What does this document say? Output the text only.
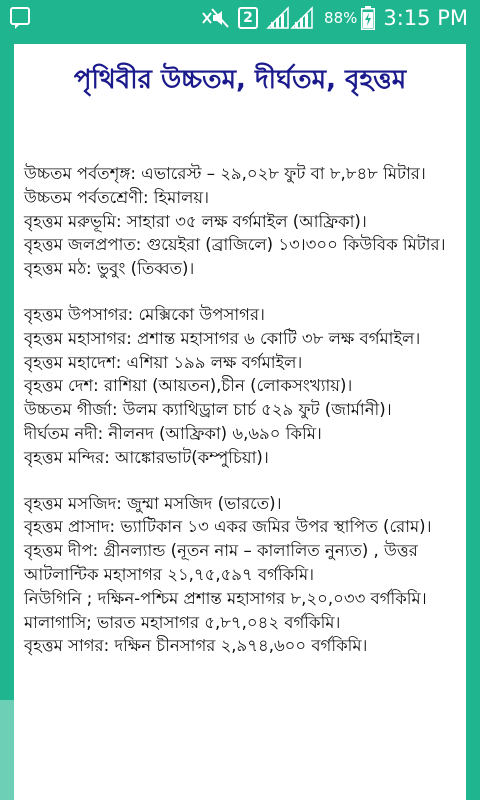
2	88% 3:15 PM
পৃথিবীর উচ্চতম, দীর্ঘতম, বৃহত্তম

উচ্চতম পর্বতশৃঙ্গ: এভারেস্ট – ২৯,০২৮ ফুট বা ৮,৮৪৮ মিটার।

উচ্চতম পর্বতশ্রেণী: হিমালয়।

বৃহত্তম মরুভূমি: সাহারা ৩৫ লক্ষ বর্গমাইল (আফ্রিকা)।

বৃহত্তম জলপ্রপাত: গুয়েইরা (ব্রাজিলে) ১৩।৩০০ কিউবিক মিটার।

বৃহত্তম মঠ: ভুবুং (তিব্বত)।

বৃহত্তম উপসাগর: মেক্সিকো উপসাগর।

বৃহত্তম মহাসাগর: প্রশান্ত মহাসাগর ৬ কোটি ৩৮ লক্ষ বর্গমাইল।

বৃহত্তম মহাদেশ: এশিয়া ১৯৯ লক্ষ বর্গমাইল।

বৃহত্তম দেশ: রাশিয়া (আয়তন),চীন (লোকসংখ্যায়)।

উচ্চতম গীর্জা: উলম ক্যাথিড্রাল চার্চ ৫২৯ ফুট (জার্মানী)।

দীর্ঘতম নদী: নীলনদ (আফ্রিকা) ৬,৬৯০ কিমি।

বৃহত্তম মন্দির: আঙ্কোরভাট(কম্পুচিয়া)।

বৃহত্তম মসজিদ: জুম্মা মসজিদ (ভারতে)।

বৃহত্তম প্রাসাদ: ভ্যাটিকান ১৩ একর জমির উপর স্থাপিত (রোম)।

বৃহত্তম দীপ: গ্রীনল্যান্ড (নূতন নাম – কালালিত নুন্যত) , উত্তর আটলান্টিক মহাসাগর ২১,৭৫,৫৯৭ বর্গকিমি।

নিউগিনি ; দক্ষিন-পশ্চিম প্রশান্ত মহাসাগর ৮,২০,০৩৩ বর্গকিমি।

মালাগাসি; ভারত মহাসাগর ৫,৮৭,০৪২ বর্গকিমি।

বৃহত্তম সাগর: দক্ষিন চীনসাগর ২,৯৭৪,৬০০ বর্গকিমি।
